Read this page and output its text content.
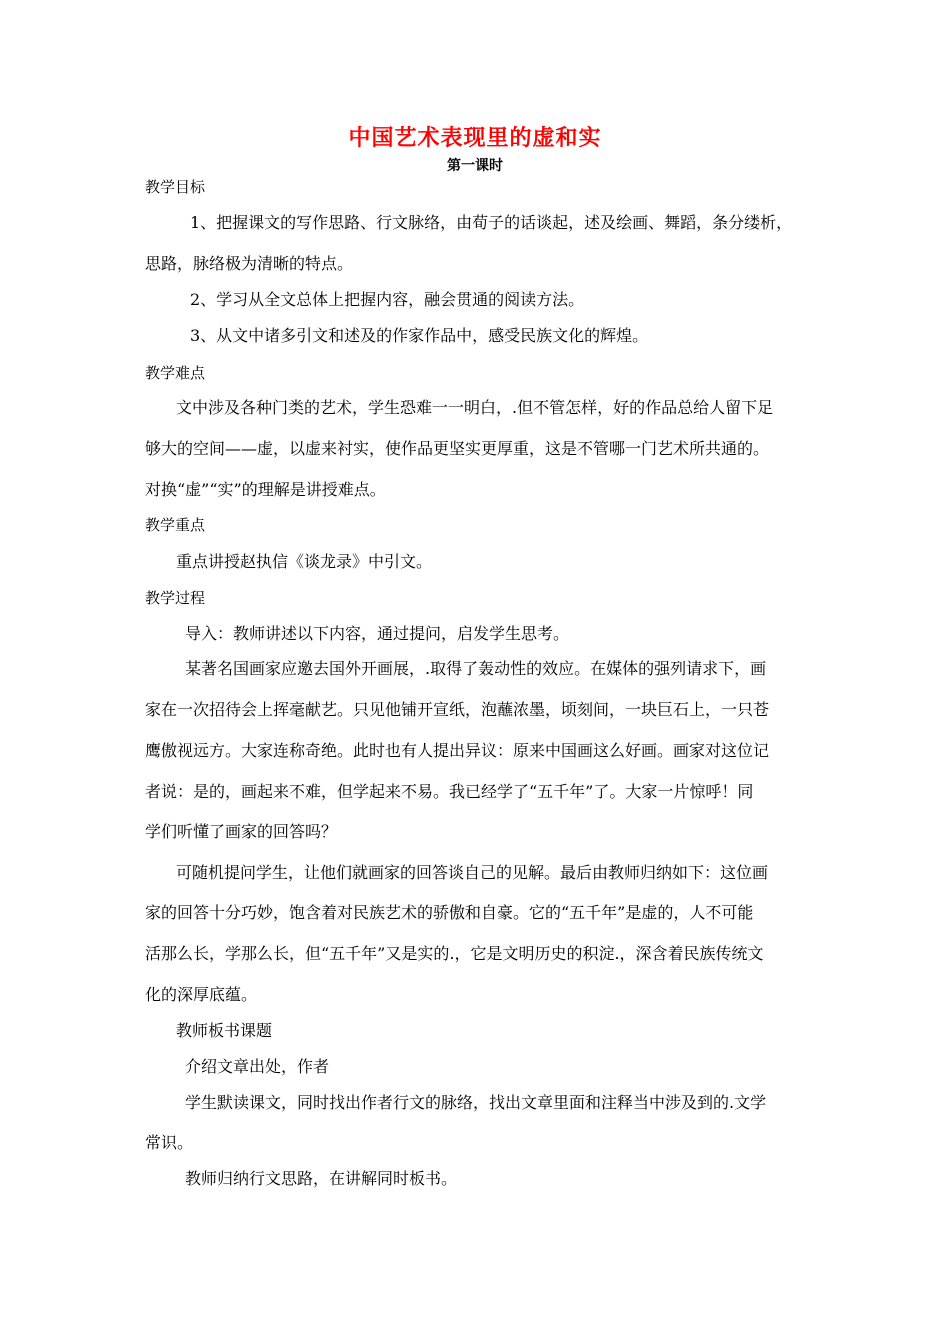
中国艺术表现里的虚和实
第一课时
教学目标
1、把握课文的写作思路、行文脉络，由荀子的话谈起，述及绘画、舞蹈，条分缕析，
思路，脉络极为清晰的特点。
2、学习从全文总体上把握内容，融会贯通的阅读方法。
3、从文中诸多引文和述及的作家作品中，感受民族文化的辉煌。
教学难点
文中涉及各种门类的艺术，学生恐难一一明白，.但不管怎样，好的作品总给人留下足
够大的空间——虚，以虚来衬实，使作品更坚实更厚重，这是不管哪一门艺术所共通的。
对换“虚”“实”的理解是讲授难点。
教学重点
重点讲授赵执信《谈龙录》中引文。
教学过程
导入：教师讲述以下内容，通过提问，启发学生思考。
某著名国画家应邀去国外开画展，.取得了轰动性的效应。在媒体的强列请求下，画
家在一次招待会上挥毫献艺。只见他铺开宣纸，泡蘸浓墨，顷刻间，一块巨石上，一只苍
鹰傲视远方。大家连称奇绝。此时也有人提出异议：原来中国画这么好画。画家对这位记
者说：是的，画起来不难，但学起来不易。我已经学了“五千年”了。大家一片惊呼！同
学们听懂了画家的回答吗？
可随机提问学生，让他们就画家的回答谈自己的见解。最后由教师归纳如下：这位画
家的回答十分巧妙，饱含着对民族艺术的骄傲和自豪。它的“五千年”是虚的，人不可能
活那么长，学那么长，但“五千年”又是实的.，它是文明历史的积淀.，深含着民族传统文
化的深厚底蕴。
教师板书课题
介绍文章出处，作者
学生默读课文，同时找出作者行文的脉络，找出文章里面和注释当中涉及到的.文学
常识。
教师归纳行文思路，在讲解同时板书。
